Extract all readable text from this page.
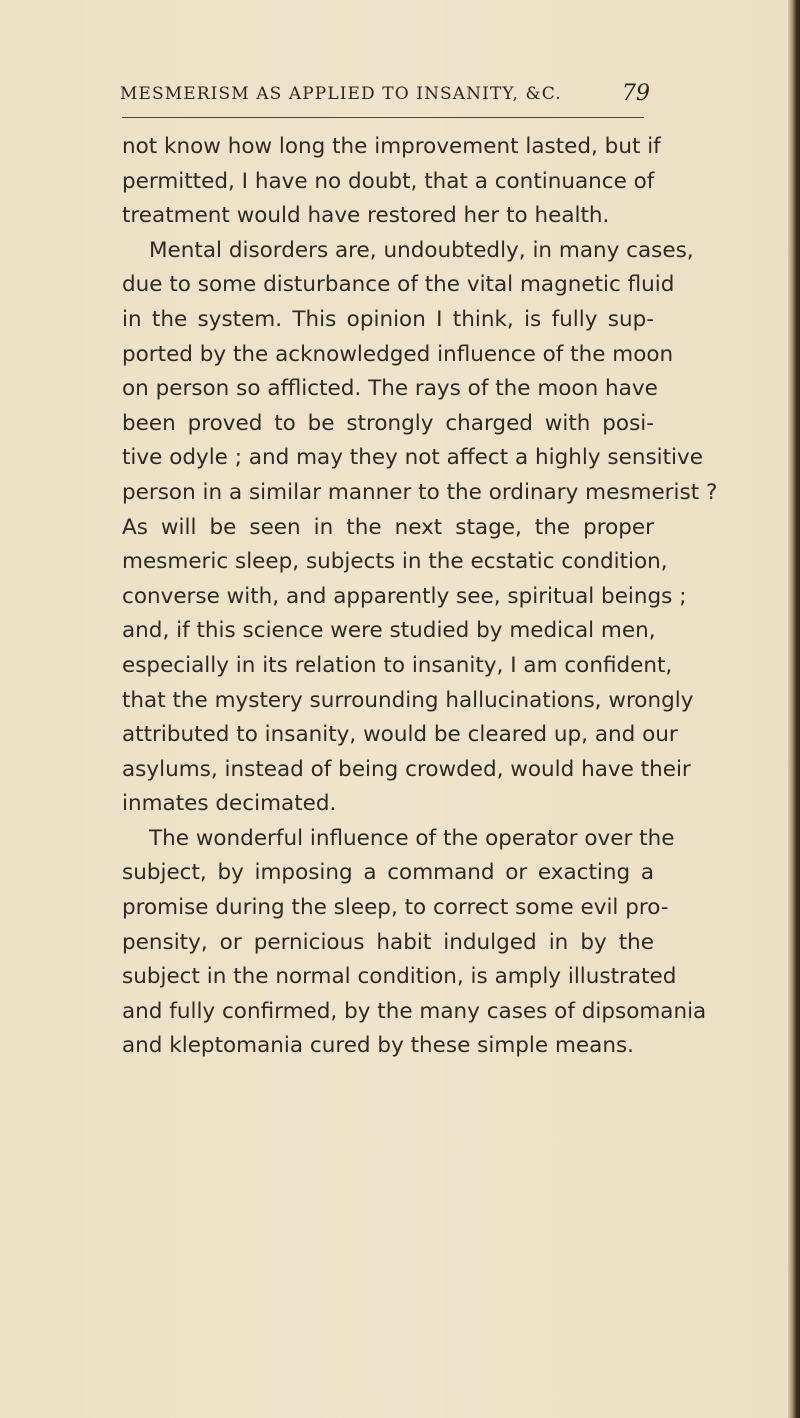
MESMERISM AS APPLIED TO INSANITY, &C.	79
not know how long the improvement lasted, but if
permitted, I have no doubt, that a continuance of
treatment would have restored her to health.
Mental disorders are, undoubtedly, in many cases,
due to some disturbance of the vital magnetic fluid
in the system. This opinion I think, is fully sup-
ported by the acknowledged influence of the moon
on person so afflicted. The rays of the moon have
been proved to be strongly charged with posi-
tive odyle ; and may they not affect a highly sensitive
person in a similar manner to the ordinary mesmerist ?
As will be seen in the next stage, the proper
mesmeric sleep, subjects in the ecstatic condition,
converse with, and apparently see, spiritual beings ;
and, if this science were studied by medical men,
especially in its relation to insanity, I am confident,
that the mystery surrounding hallucinations, wrongly
attributed to insanity, would be cleared up, and our
asylums, instead of being crowded, would have their
inmates decimated.
The wonderful influence of the operator over the
subject, by imposing a command or exacting a
promise during the sleep, to correct some evil pro-
pensity, or pernicious habit indulged in by the
subject in the normal condition, is amply illustrated
and fully confirmed, by the many cases of dipsomania
and kleptomania cured by these simple means.
